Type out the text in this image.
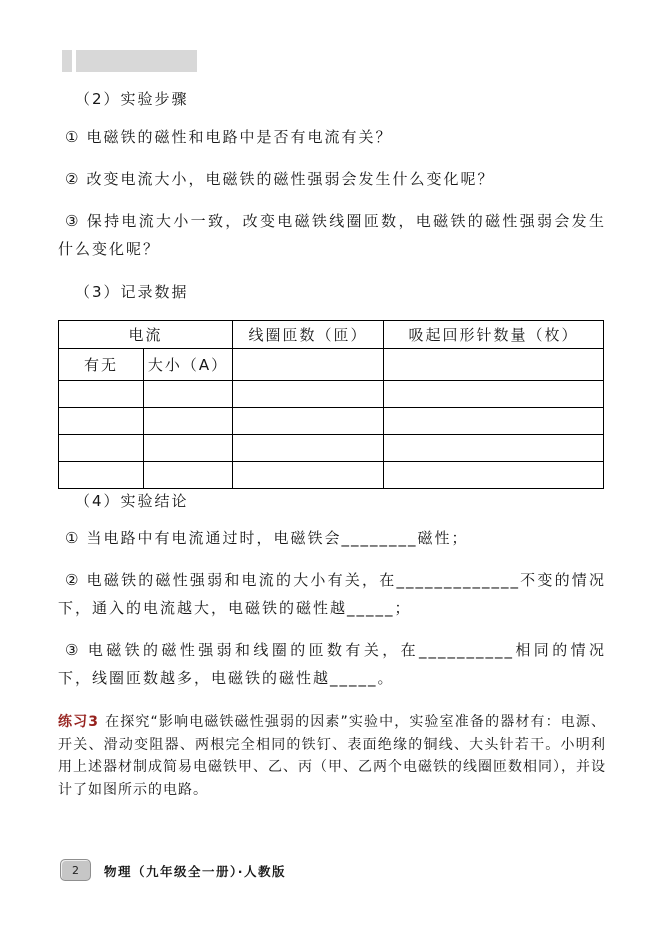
（2）实验步骤
① 电磁铁的磁性和电路中是否有电流有关？
② 改变电流大小，电磁铁的磁性强弱会发生什么变化呢？
③ 保持电流大小一致，改变电磁铁线圈匝数，电磁铁的磁性强弱会发生什么变化呢？
（3）记录数据
电流		线圈匝数（匝）	吸起回形针数量（枚）
有无	大小（A）		

（4）实验结论
① 当电路中有电流通过时，电磁铁会________磁性；
② 电磁铁的磁性强弱和电流的大小有关，在_____________不变的情况下，通入的电流越大，电磁铁的磁性越_____；
③ 电磁铁的磁性强弱和线圈的匝数有关，在__________相同的情况下，线圈匝数越多，电磁铁的磁性越_____。
练习3 在探究“影响电磁铁磁性强弱的因素”实验中，实验室准备的器材有：电源、开关、滑动变阻器、两根完全相同的铁钉、表面绝缘的铜线、大头针若干。小明利用上述器材制成简易电磁铁甲、乙、丙（甲、乙两个电磁铁的线圈匝数相同），并设计了如图所示的电路。
2	物理（九年级全一册）·人教版
